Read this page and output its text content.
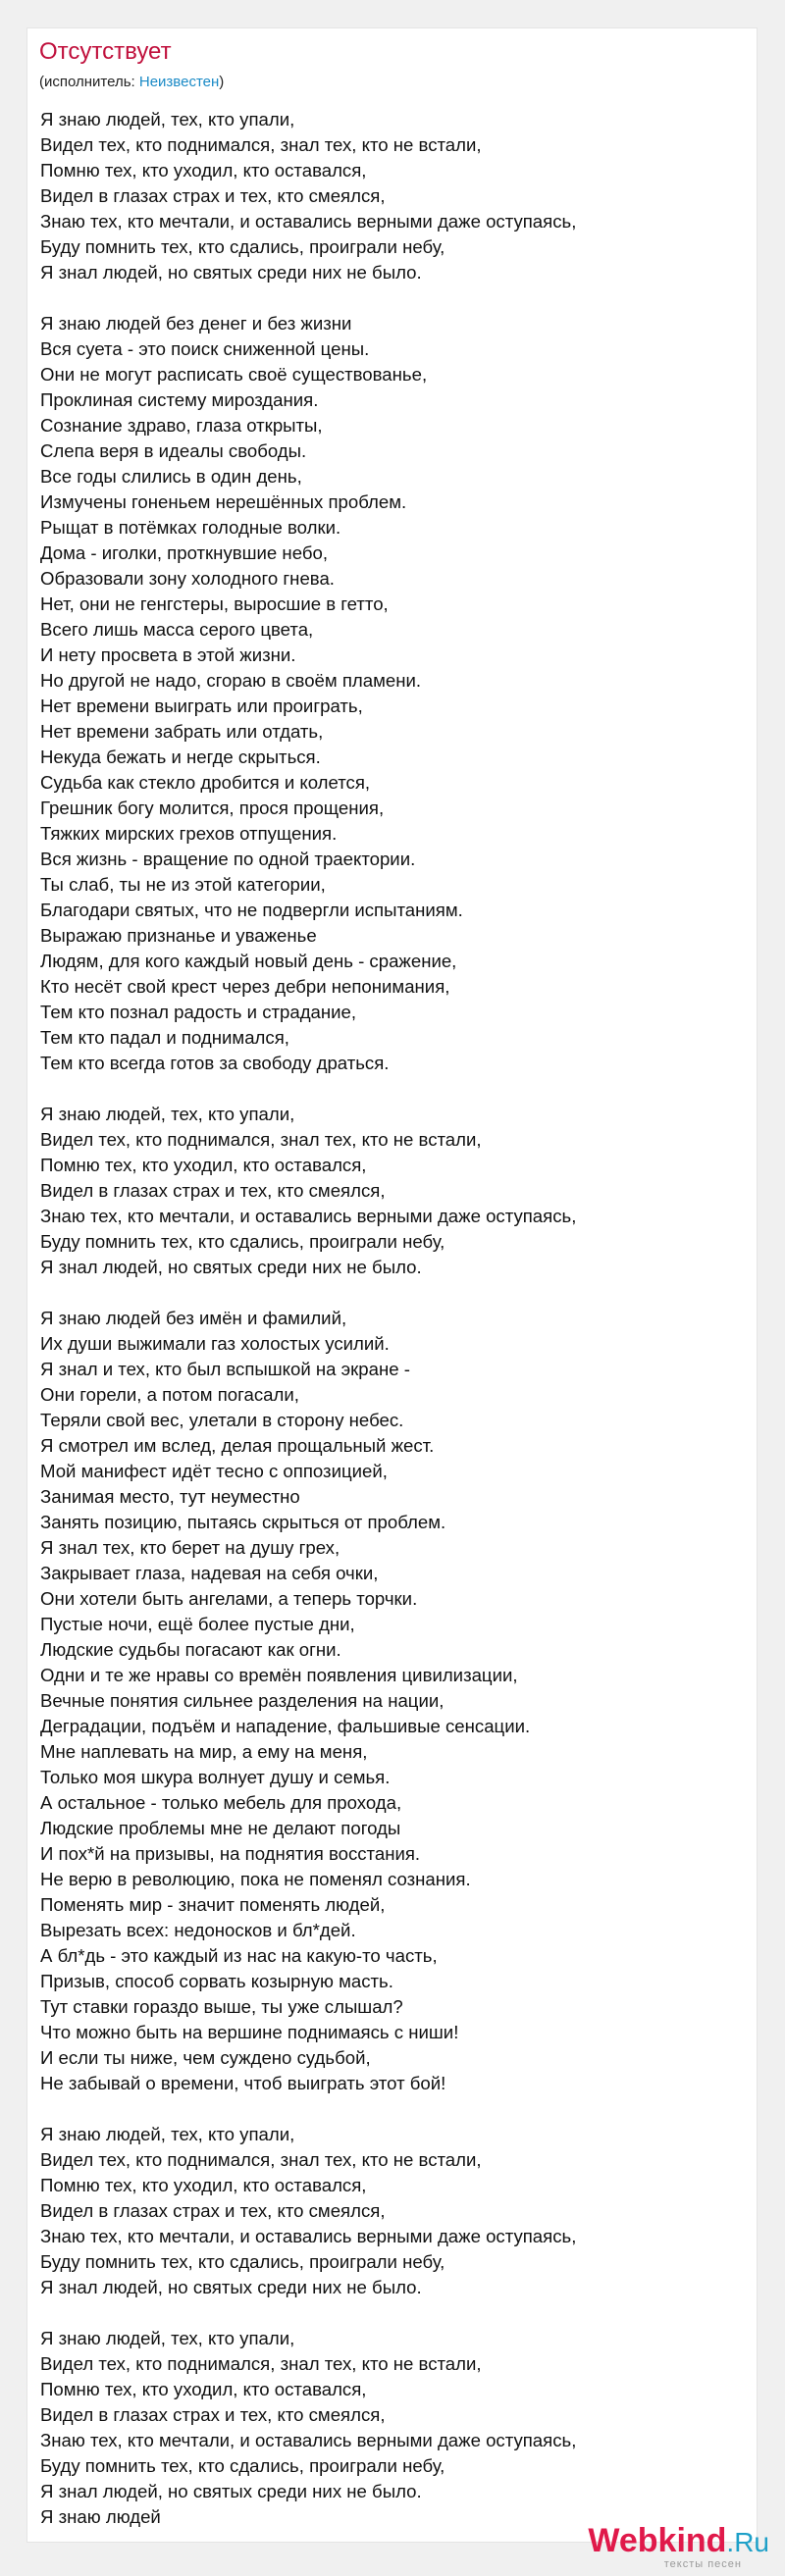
Отсутствует
(исполнитель: Неизвестен)
Я знаю людей, тех, кто упали,
Видел тех, кто поднимался, знал тех, кто не встали,
Помню тех, кто уходил, кто оставался,
Видел в глазах страх и тех, кто смеялся,
Знаю тех, кто мечтали, и оставались верными даже оступаясь,
Буду помнить тех, кто сдались, проиграли небу,
Я знал людей, но святых среди них не было.
Я знаю людей без денег и без жизни
Вся суета - это поиск сниженной цены.
Они не могут расписать своё существованье,
Проклиная систему мироздания.
Сознание здраво, глаза открыты,
Слепа веря в идеалы свободы.
Все годы слились в один день,
Измучены гоненьем нерешённых проблем.
Рыщат в потёмках голодные волки.
Дома - иголки, проткнувшие небо,
Образовали зону холодного гнева.
Нет, они не генгстеры, выросшие в гетто,
Всего лишь масса серого цвета,
И нету просвета в этой жизни.
Но другой не надо, сгораю в своём пламени.
Нет времени выиграть или проиграть,
Нет времени забрать или отдать,
Некуда бежать и негде скрыться.
Судьба как стекло дробится и колется,
Грешник богу молится, прося прощения,
Тяжких мирских грехов отпущения.
Вся жизнь - вращение по одной траектории.
Ты слаб, ты не из этой категории,
Благодари святых, что не подвергли испытаниям.
Выражаю признанье и уваженье
Людям, для кого каждый новый день - сражение,
Кто несёт свой крест через дебри непонимания,
Тем кто познал радость и страдание,
Тем кто падал и поднимался,
Тем кто всегда готов за свободу драться.
Я знаю людей, тех, кто упали,
Видел тех, кто поднимался, знал тех, кто не встали,
Помню тех, кто уходил, кто оставался,
Видел в глазах страх и тех, кто смеялся,
Знаю тех, кто мечтали, и оставались верными даже оступаясь,
Буду помнить тех, кто сдались, проиграли небу,
Я знал людей, но святых среди них не было.
Я знаю людей без имён и фамилий,
Их души выжимали газ холостых усилий.
Я знал и тех, кто был вспышкой на экране -
Они горели, а потом погасали,
Теряли свой вес, улетали в сторону небес.
Я смотрел им вслед, делая прощальный жест.
Мой манифест идёт тесно с оппозицией,
Занимая место, тут неуместно
Занять позицию, пытаясь скрыться от проблем.
Я знал тех, кто берет на душу грех,
Закрывает глаза, надевая на себя очки,
Они хотели быть ангелами, а теперь торчки.
Пустые ночи, ещё более пустые дни,
Людские судьбы погасают как огни.
Одни и те же нравы со времён появления цивилизации,
Вечные понятия сильнее разделения на нации,
Деградации, подъём и нападение, фальшивые сенсации.
Мне наплевать на мир, а ему на меня,
Только моя шкура волнует душу и семья.
А остальное - только мебель для прохода,
Людские проблемы мне не делают погоды
И пох*й на призывы, на поднятия восстания.
Не верю в революцию, пока не поменял сознания.
Поменять мир - значит поменять людей,
Вырезать всех: недоносков и бл*дей.
А бл*дь - это каждый из нас на какую-то часть,
Призыв, способ сорвать козырную масть.
Тут ставки гораздо выше, ты уже слышал?
Что можно быть на вершине поднимаясь с ниши!
И если ты ниже, чем суждено судьбой,
Не забывай о времени, чтоб выиграть этот бой!
Я знаю людей, тех, кто упали,
Видел тех, кто поднимался, знал тех, кто не встали,
Помню тех, кто уходил, кто оставался,
Видел в глазах страх и тех, кто смеялся,
Знаю тех, кто мечтали, и оставались верными даже оступаясь,
Буду помнить тех, кто сдались, проиграли небу,
Я знал людей, но святых среди них не было.
Я знаю людей, тех, кто упали,
Видел тех, кто поднимался, знал тех, кто не встали,
Помню тех, кто уходил, кто оставался,
Видел в глазах страх и тех, кто смеялся,
Знаю тех, кто мечтали, и оставались верными даже оступаясь,
Буду помнить тех, кто сдались, проиграли небу,
Я знал людей, но святых среди них не было.
Я знаю людей
Webkind.Ru
тексты песен
